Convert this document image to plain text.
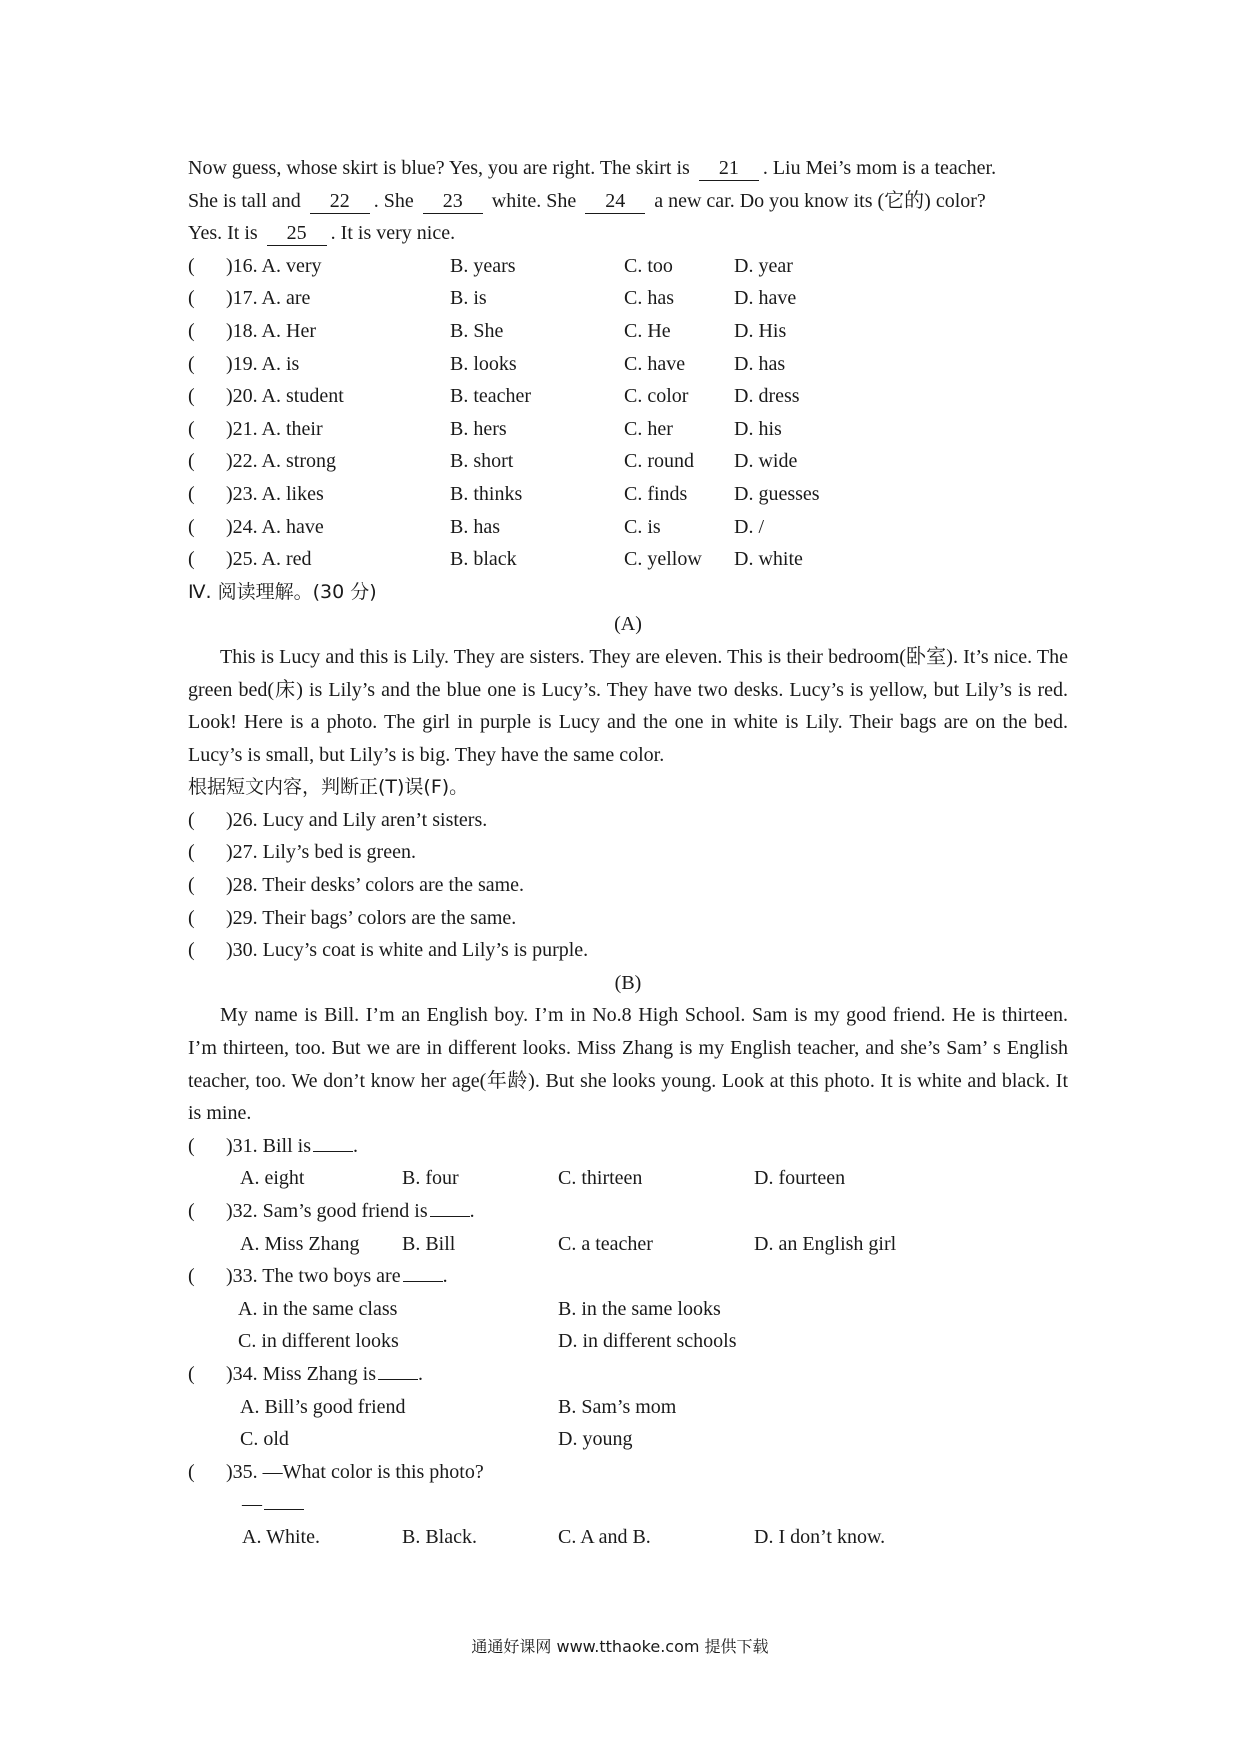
Now guess, whose skirt is blue? Yes, you are right. The skirt is 21 . Liu Mei’s mom is a teacher.
She is tall and 22 . She 23 white. She 24 a new car. Do you know its (它的) color?
Yes. It is 25 . It is very nice.
( )16. A. very	B. years	C. too	D. year
( )17. A. are	B. is	C. has	D. have
( )18. A. Her	B. She	C. He	D. His
( )19. A. is	B. looks	C. have D. has
( )20. A. student	B. teacher	C. color D. dress
( )21. A. their	B. hers	C. her	D. his
( )22. A. strong	B. short	C. round D. wide
( )23. A. likes	B. thinks	C. finds D. guesses
( )24. A. have	B. has	C. is	D. /
( )25. A. red	B. black	C. yellow D. white
Ⅳ. 阅读理解。(30 分)
(A)
This is Lucy and this is Lily. They are sisters. They are eleven. This is their bedroom(卧室). It’s nice. The green bed(床) is Lily’s and the blue one is Lucy’s. They have two desks. Lucy’s is yellow, but Lily’s is red. Look! Here is a photo. The girl in purple is Lucy and the one in white is Lily. Their bags are on the bed. Lucy’s is small, but Lily’s is big. They have the same color.
根据短文内容，判断正(T)误(F)。
( )26. Lucy and Lily aren’t sisters.
( )27. Lily’s bed is green.
( )28. Their desks’ colors are the same.
( )29. Their bags’ colors are the same.
( )30. Lucy’s coat is white and Lily’s is purple.
(B)
My name is Bill. I’m an English boy. I’m in No.8 High School. Sam is my good friend. He is thirteen. I’m thirteen, too. But we are in different looks. Miss Zhang is my English teacher, and she’s Sam’ s English teacher, too. We don’t know her age(年龄). But she looks young. Look at this photo. It is white and black. It is mine.
( )31. Bill is .
A. eight	B. four	C. thirteen	D. fourteen
( )32. Sam’s good friend is .
A. Miss Zhang B. Bill	C. a teacher	D. an English girl
( )33. The two boys are .
A. in the same class	B. in the same looks
C. in different looks	D. in different schools
( )34. Miss Zhang is .
A. Bill’s good friend	B. Sam’s mom
C. old	D. young
( )35. —What color is this photo?
—
A. White.	B. Black.	C. A and B.	D. I don’t know.
通通好课网 www.tthaoke.com 提供下载
